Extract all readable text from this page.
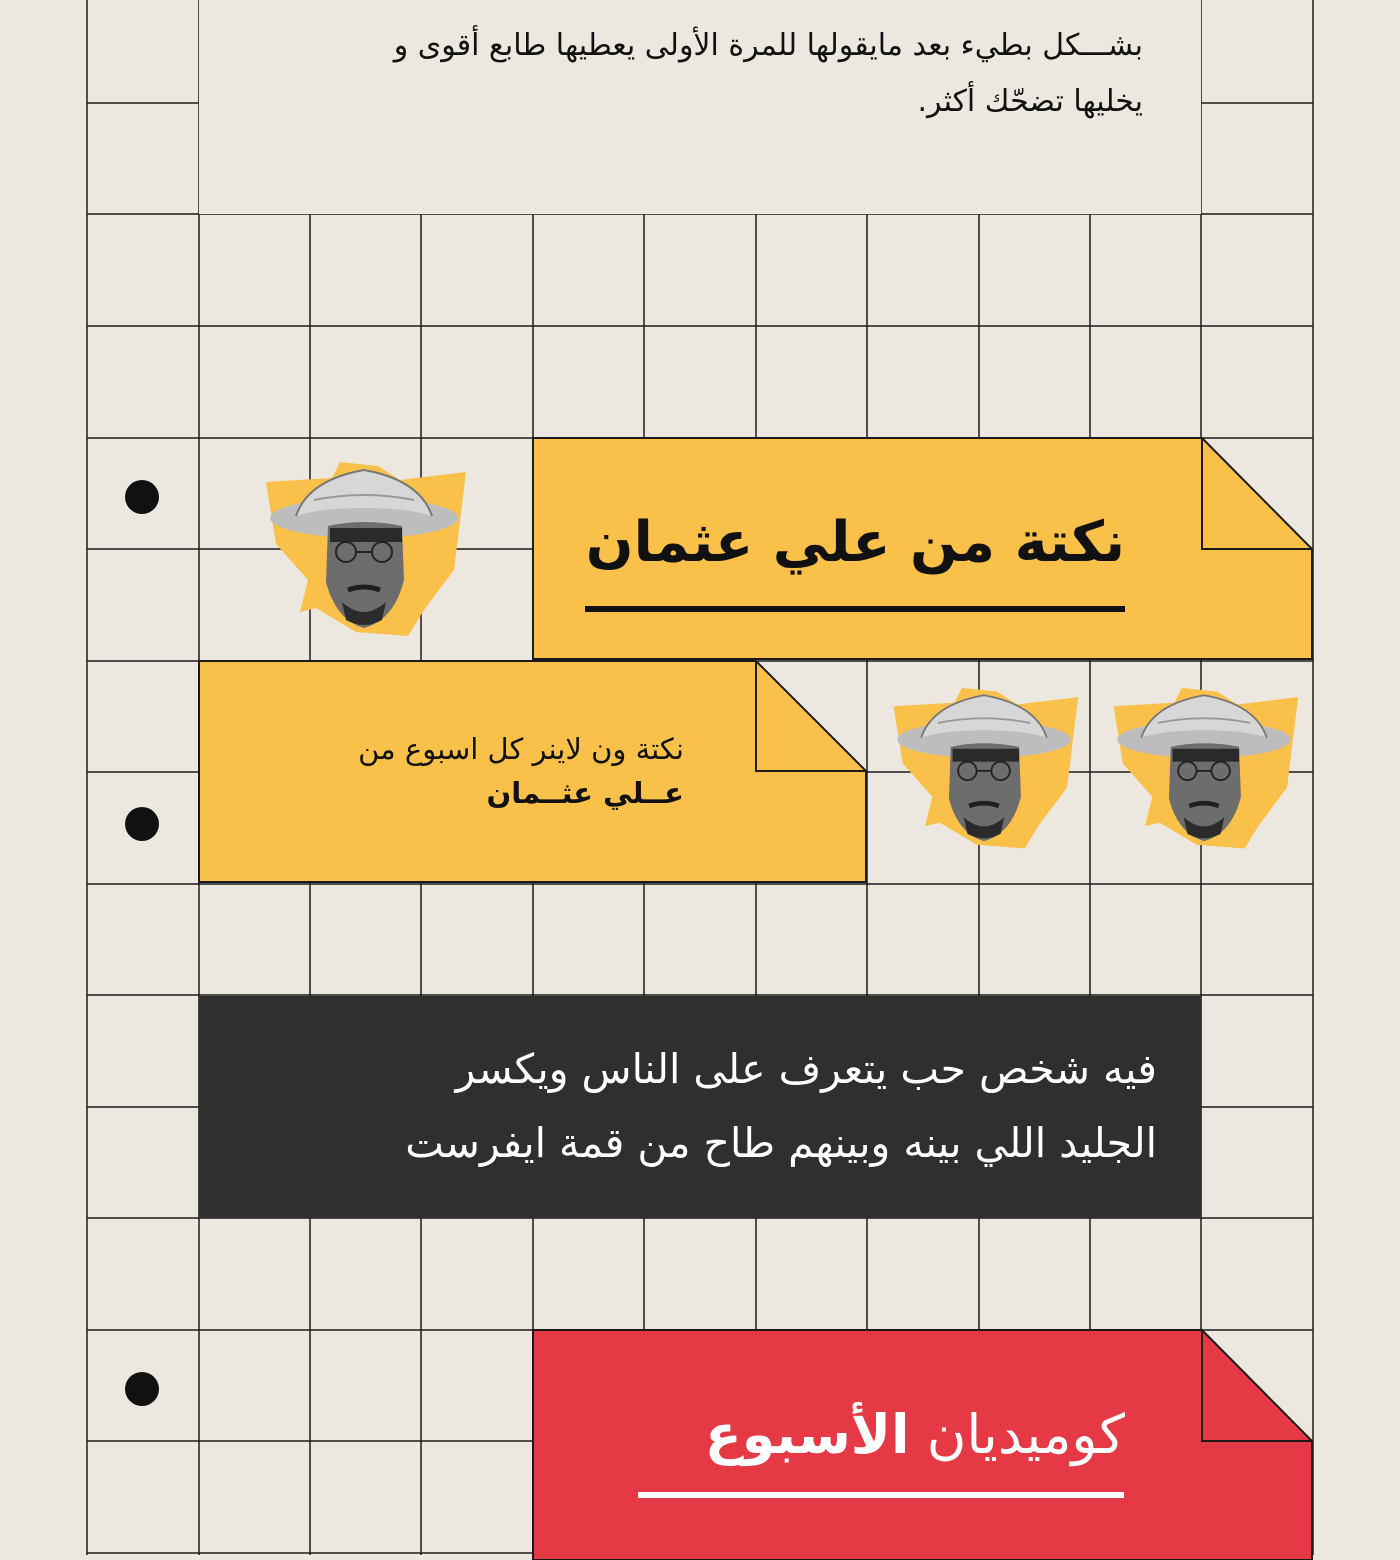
بشـــكل بطيء بعد مايقولها للمرة الأولى يعطيها طابع أقوى و
يخليها تضحّك أكثر.
نكتة من علي عثمان
نكتة ون لاينر كل اسبوع من
عــلي عثــمان
فيه شخص حب يتعرف على الناس ويكسر
الجليد اللي بينه وبينهم طاح من قمة ايفرست
كوميديان الأسبوع
